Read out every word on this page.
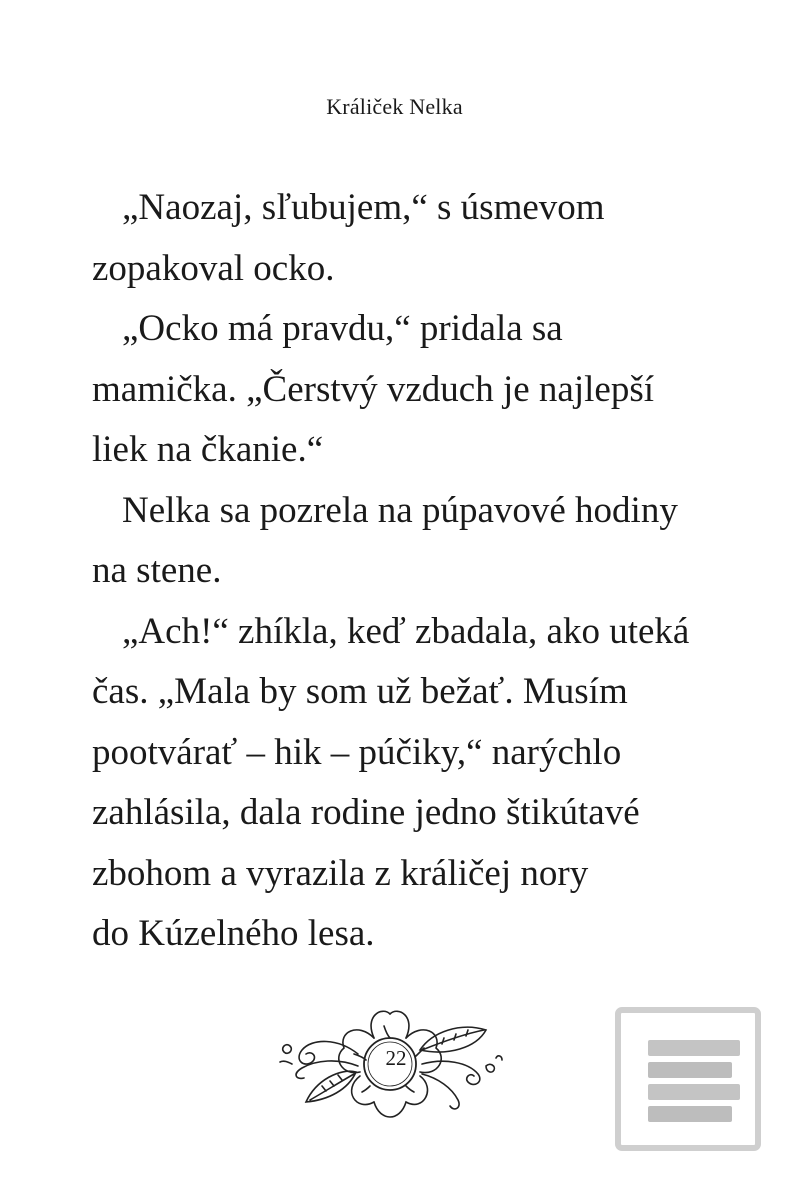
Králiček Nelka
„Naozaj, sľubujem,“ s úsmevom
zopakoval ocko.
„Ocko má pravdu,“ pridala sa
mamička. „Čerstvý vzduch je najlepší
liek na čkanie.“
Nelka sa pozrela na púpavové hodiny
na stene.
„Ach!“ zhíkla, keď zbadala, ako uteká
čas. „Mala by som už bežať. Musím
pootvárať – hik – púčiky,“ narýchlo
zahlásila, dala rodine jedno štikútavé
zbohom a vyrazila z králičej nory
do Kúzelného lesa.
22
